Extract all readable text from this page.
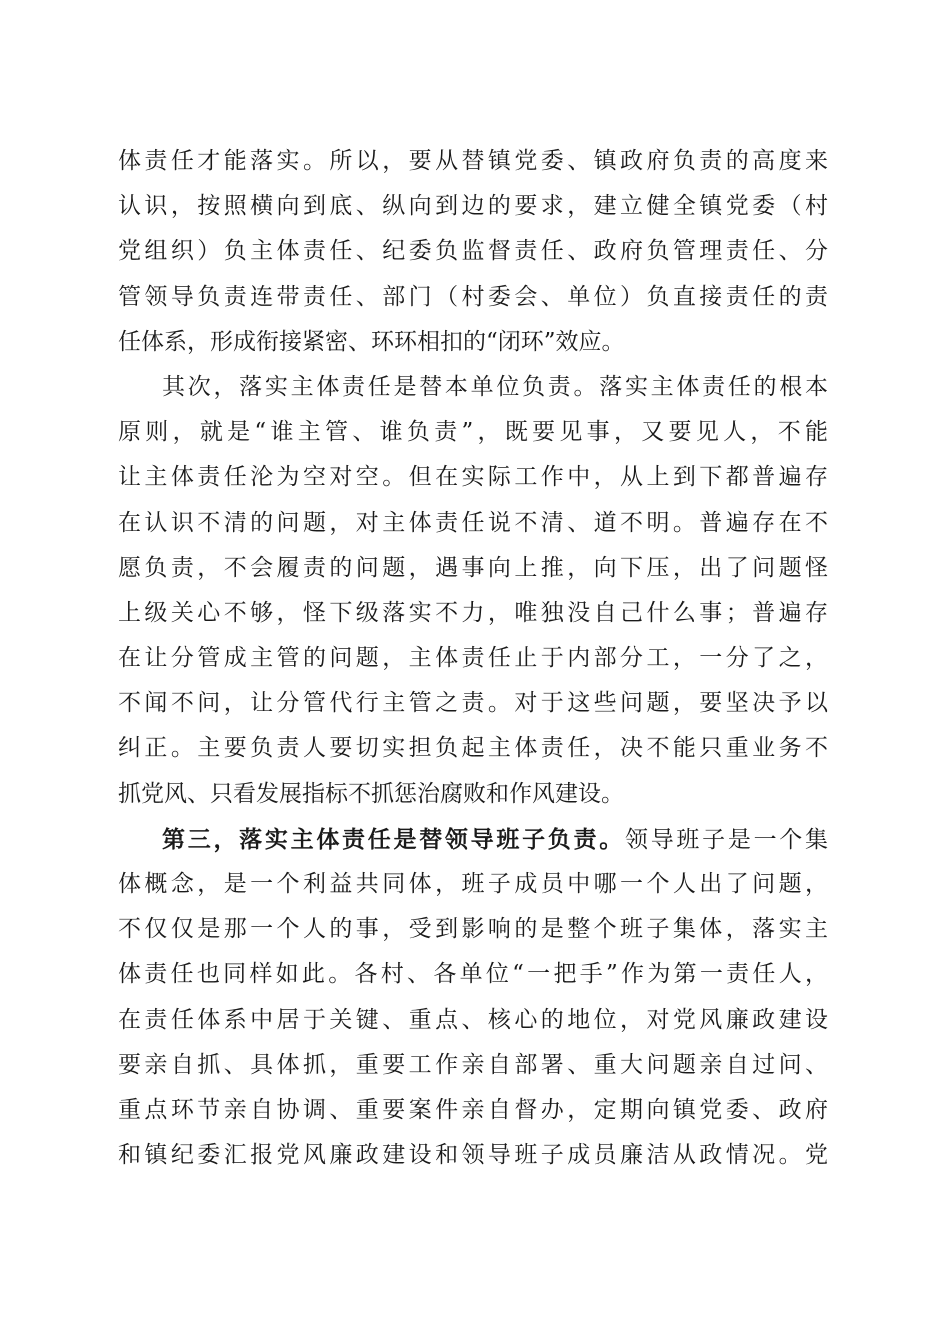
体责任才能落实。所以，要从替镇党委、镇政府负责的高度来
认识，按照横向到底、纵向到边的要求，建立健全镇党委（村
党组织）负主体责任、纪委负监督责任、政府负管理责任、分
管领导负责连带责任、部门（村委会、单位）负直接责任的责
任体系，形成衔接紧密、环环相扣的“闭环”效应。
其次，落实主体责任是替本单位负责。落实主体责任的根本
原则，就是“谁主管、谁负责”，既要见事，又要见人，不能
让主体责任沦为空对空。但在实际工作中，从上到下都普遍存
在认识不清的问题，对主体责任说不清、道不明。普遍存在不
愿负责，不会履责的问题，遇事向上推，向下压，出了问题怪
上级关心不够，怪下级落实不力，唯独没自己什么事；普遍存
在让分管成主管的问题，主体责任止于内部分工，一分了之，
不闻不问，让分管代行主管之责。对于这些问题，要坚决予以
纠正。主要负责人要切实担负起主体责任，决不能只重业务不
抓党风、只看发展指标不抓惩治腐败和作风建设。
第三，落实主体责任是替领导班子负责。领导班子是一个集
体概念，是一个利益共同体，班子成员中哪一个人出了问题，
不仅仅是那一个人的事，受到影响的是整个班子集体，落实主
体责任也同样如此。各村、各单位“一把手”作为第一责任人，
在责任体系中居于关键、重点、核心的地位，对党风廉政建设
要亲自抓、具体抓，重要工作亲自部署、重大问题亲自过问、
重点环节亲自协调、重要案件亲自督办，定期向镇党委、政府
和镇纪委汇报党风廉政建设和领导班子成员廉洁从政情况。党
